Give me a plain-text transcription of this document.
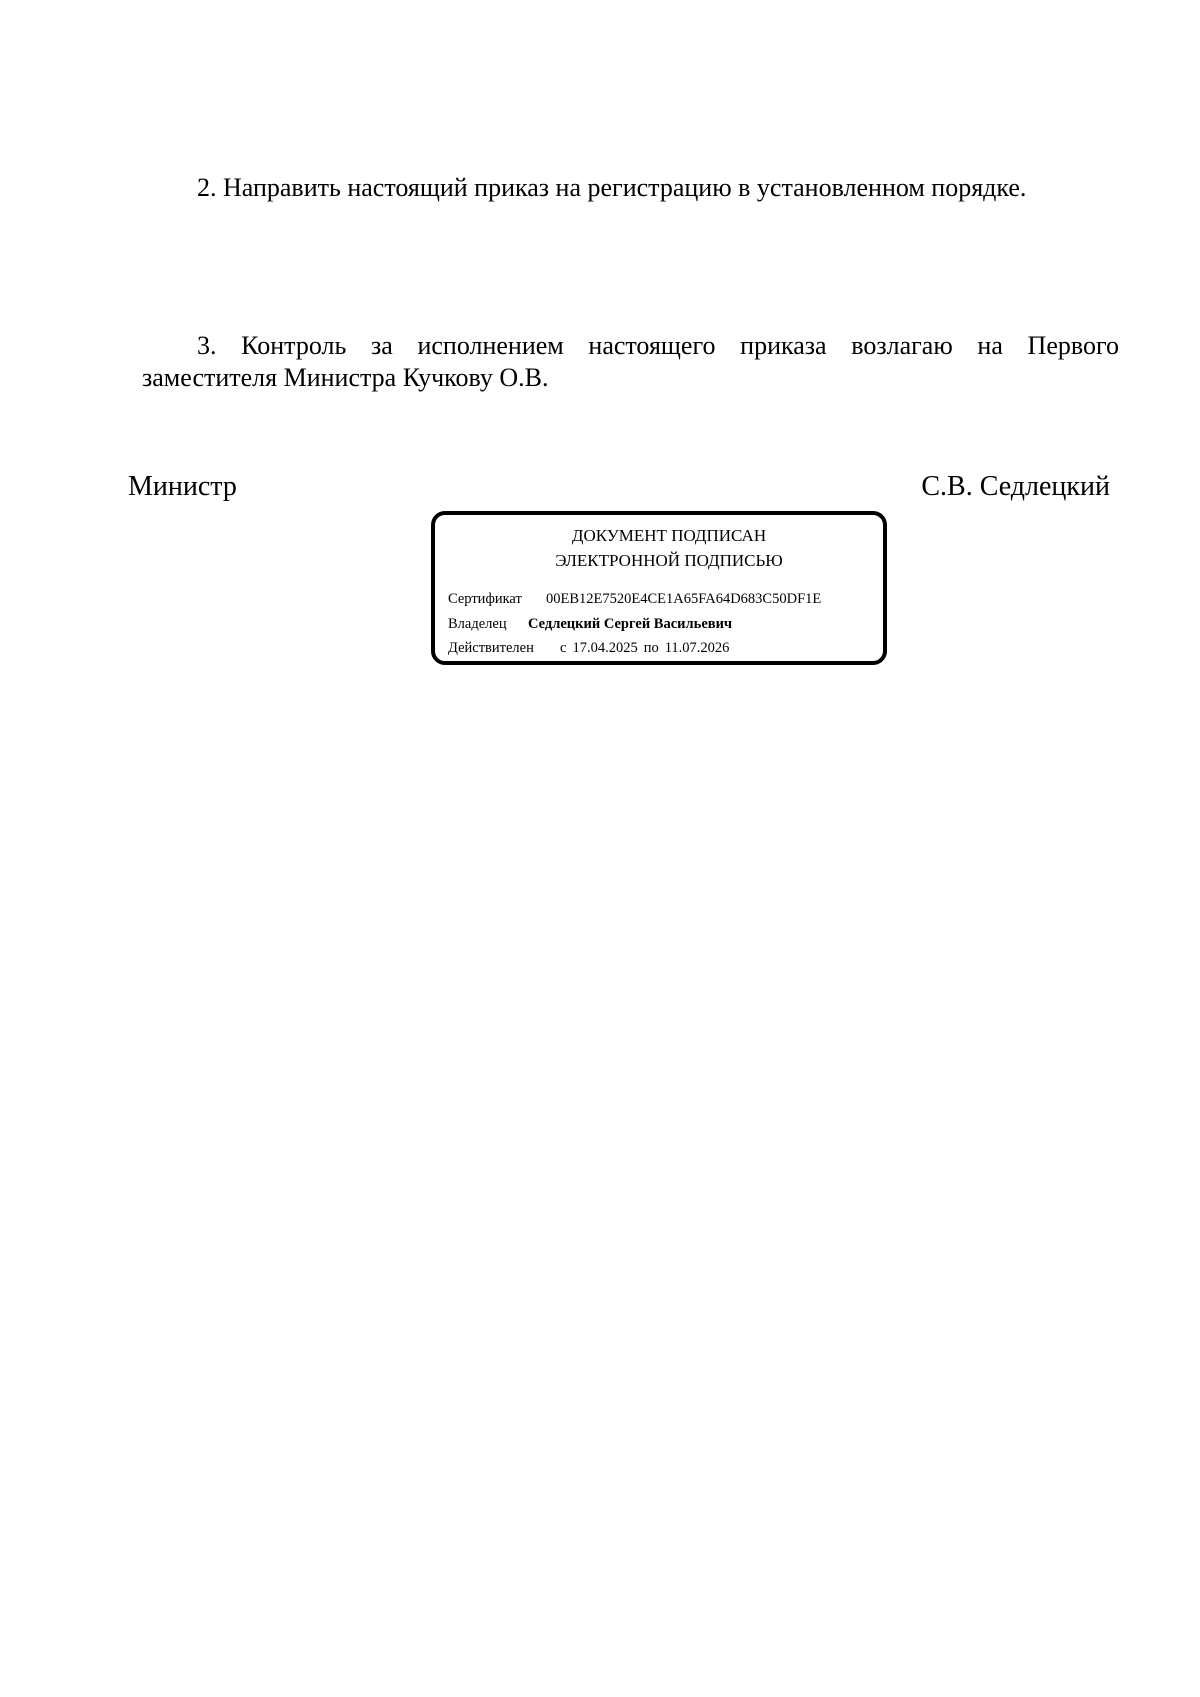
2. Направить настоящий приказ на регистрацию в установленном порядке.
3. Контроль за исполнением настоящего приказа возлагаю на Первого
заместителя Министра Кучкову О.В.
Министр	С.В. Седлецкий
ДОКУМЕНТ ПОДПИСАН
ЭЛЕКТРОННОЙ ПОДПИСЬЮ
Сертификат 00EB12E7520E4CE1A65FA64D683C50DF1E
Владелец Седлецкий Сергей Васильевич
Действителен с 17.04.2025 по 11.07.2026
